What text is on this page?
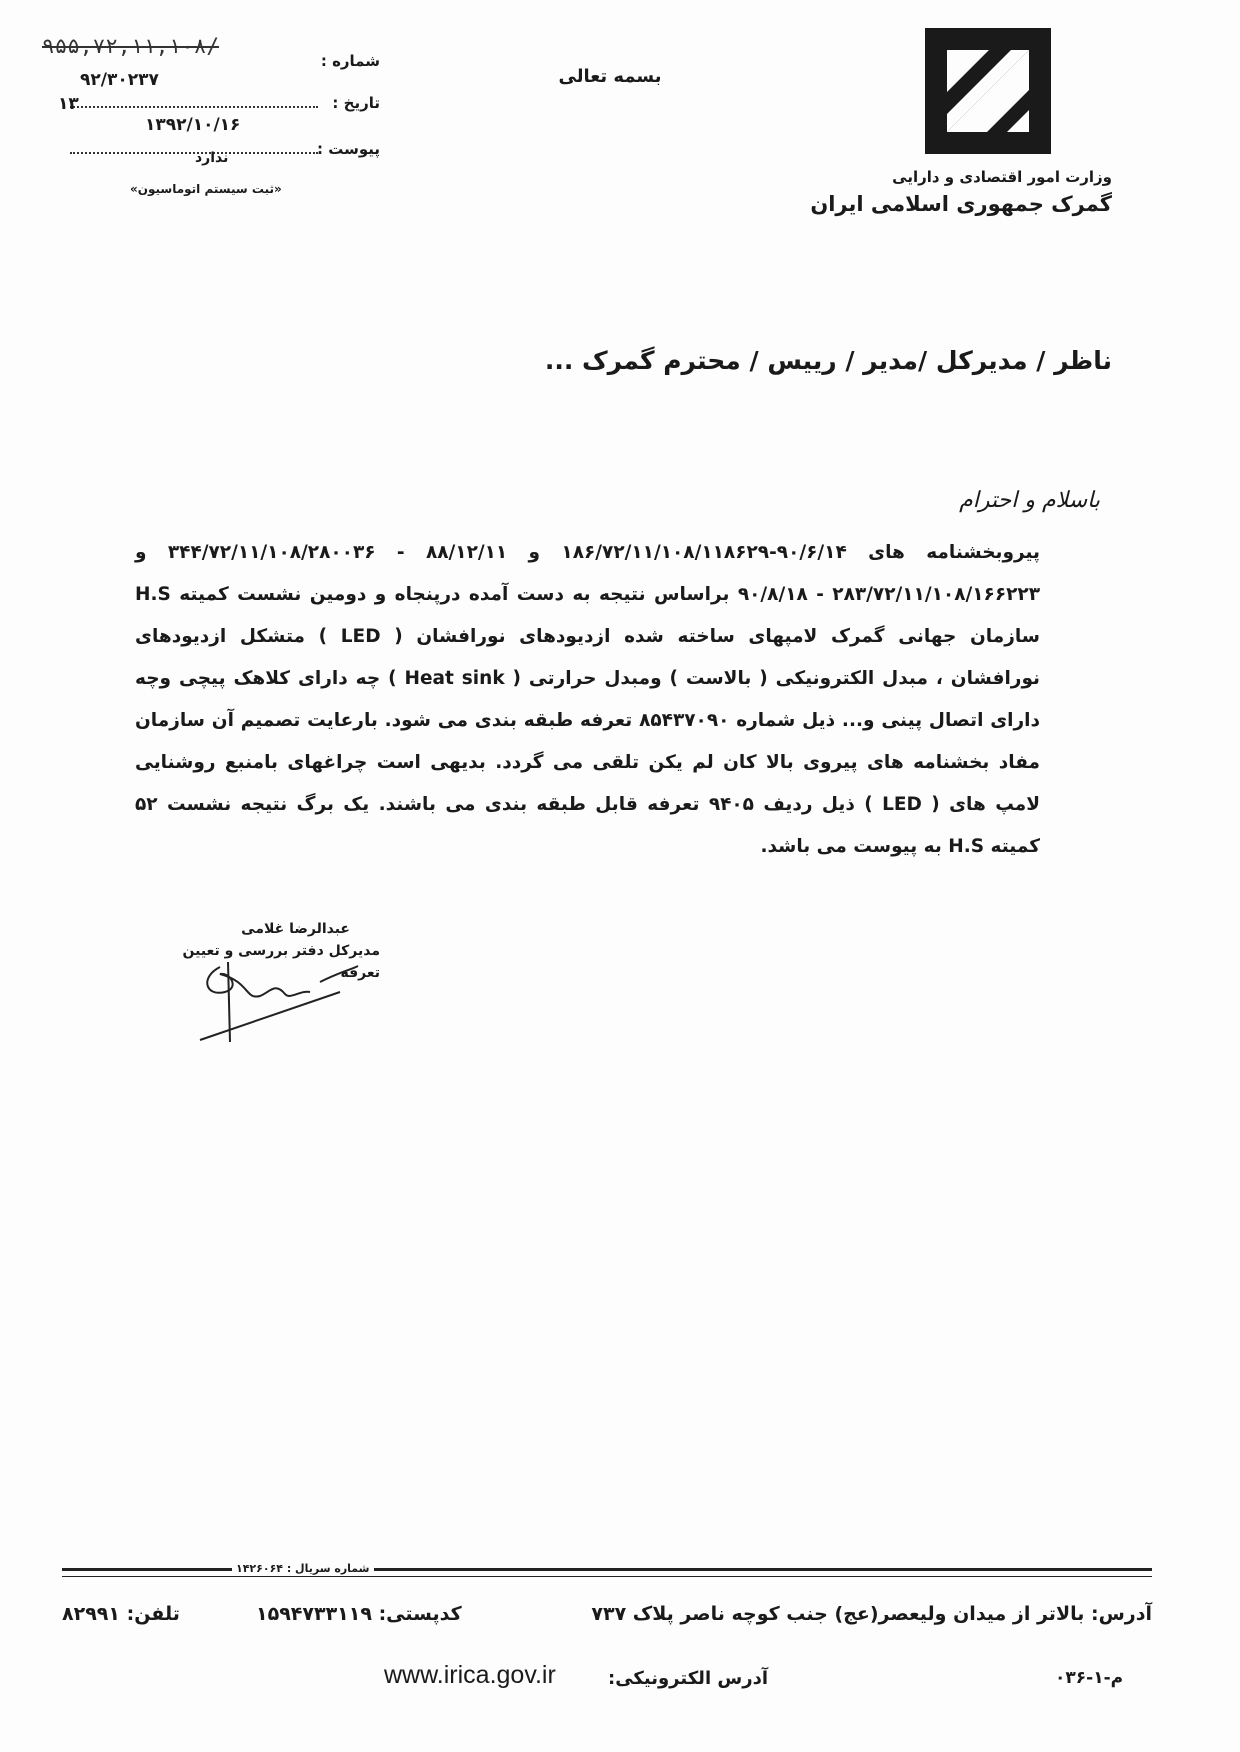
وزارت امور اقتصادی و دارایی
گمرک جمهوری اسلامی ایران
بسمه تعالی
۹۵۵,۷۲,۱۱,۱۰۸/
شماره :
۹۲/۳۰۲۳۷
تاریخ :
پیوست :
۱۳
۱۳۹۲/۱۰/۱۶
ندارد
«ثبت سیستم اتوماسیون»
ناظر / مدیرکل /مدیر / رییس / محترم گمرک ...
باسلام و احترام
پیروبخشنامه های ۹۰/۶/۱۴-۱۸۶/۷۲/۱۱/۱۰۸/۱۱۸۶۲۹ و ۸۸/۱۲/۱۱ - ۳۴۴/۷۲/۱۱/۱۰۸/۲۸۰۰۳۶ و ۲۸۳/۷۲/۱۱/۱۰۸/۱۶۶۲۲۳ - ۹۰/۸/۱۸ براساس نتیجه به دست آمده درپنجاه و دومین نشست کمیته H.S سازمان جهانی گمرک لامپهای ساخته شده ازدیودهای نورافشان ( LED ) متشکل ازدیودهای نورافشان ، مبدل الکترونیکی ( بالاست ) ومبدل حرارتی ( Heat sink ) چه دارای کلاهک پیچی وچه دارای اتصال پینی و... ذیل شماره ۸۵۴۳۷۰۹۰ تعرفه طبقه بندی می شود. بارعایت تصمیم آن سازمان مفاد بخشنامه های پیروی بالا کان لم یکن تلقی می گردد. بدیهی است چراغهای بامنبع روشنایی لامپ های ( LED ) ذیل ردیف ۹۴۰۵ تعرفه قابل طبقه بندی می باشند. یک برگ نتیجه نشست ۵۲ کمیته H.S به پیوست می باشد.
عبدالرضا غلامی
مدیرکل دفتر بررسی و تعیین تعرفه
شماره سریال : ۱۴۲۶۰۶۴
آدرس: بالاتر از میدان ولیعصر(عج) جنب کوچه ناصر پلاک ۷۳۷
کدپستی: ۱۵۹۴۷۳۳۱۱۹
تلفن: ۸۲۹۹۱
آدرس الکترونیکی:
www.irica.gov.ir	م-۱-۰۳۶
